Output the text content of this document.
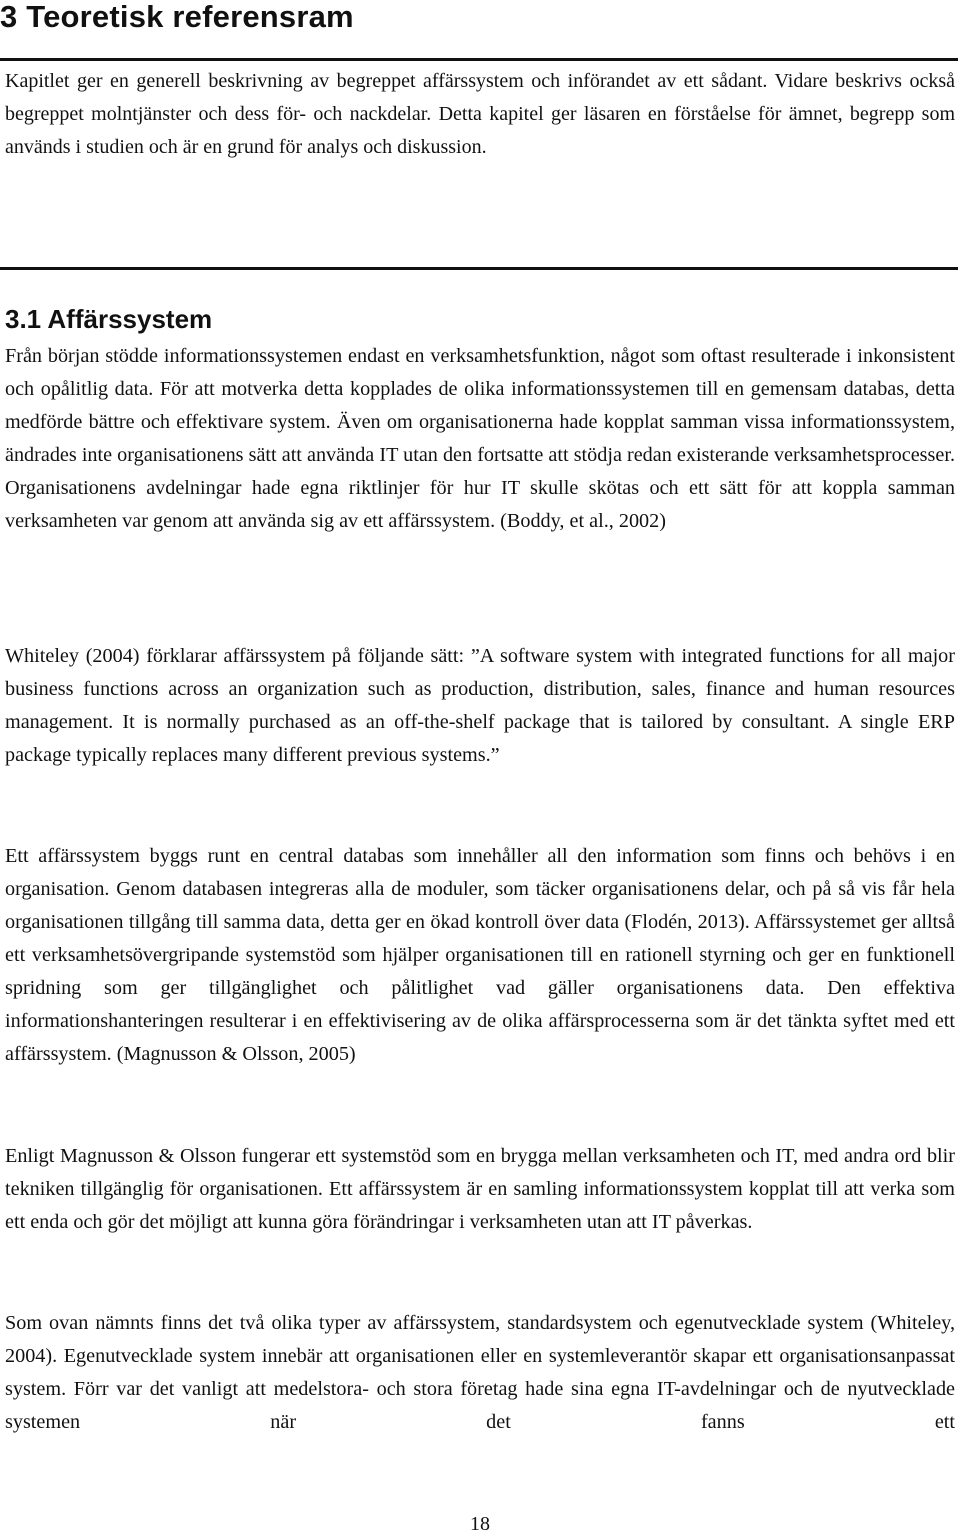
3 Teoretisk referensram

Kapitlet ger en generell beskrivning av begreppet affärssystem och införandet av ett sådant. Vidare beskrivs också begreppet molntjänster och dess för- och nackdelar. Detta kapitel ger läsaren en förståelse för ämnet, begrepp som används i studien och är en grund för analys och diskussion.

3.1 Affärssystem

Från början stödde informationssystemen endast en verksamhetsfunktion, något som oftast resulterade i inkonsistent och opålitlig data. För att motverka detta kopplades de olika informationssystemen till en gemensam databas, detta medförde bättre och effektivare system. Även om organisationerna hade kopplat samman vissa informationssystem, ändrades inte organisationens sätt att använda IT utan den fortsatte att stödja redan existerande verksamhetsprocesser. Organisationens avdelningar hade egna riktlinjer för hur IT skulle skötas och ett sätt för att koppla samman verksamheten var genom att använda sig av ett affärssystem. (Boddy, et al., 2002)

Whiteley (2004) förklarar affärssystem på följande sätt: ”A software system with integrated functions for all major business functions across an organization such as production, distribution, sales, finance and human resources management. It is normally purchased as an off-the-shelf package that is tailored by consultant. A single ERP package typically replaces many different previous systems.”

Ett affärssystem byggs runt en central databas som innehåller all den information som finns och behövs i en organisation. Genom databasen integreras alla de moduler, som täcker organisationens delar, och på så vis får hela organisationen tillgång till samma data, detta ger en ökad kontroll över data (Flodén, 2013). Affärssystemet ger alltså ett verksamhetsövergripande systemstöd som hjälper organisationen till en rationell styrning och ger en funktionell spridning som ger tillgänglighet och pålitlighet vad gäller organisationens data. Den effektiva informationshanteringen resulterar i en effektivisering av de olika affärsprocesserna som är det tänkta syftet med ett affärssystem. (Magnusson & Olsson, 2005)

Enligt Magnusson & Olsson fungerar ett systemstöd som en brygga mellan verksamheten och IT, med andra ord blir tekniken tillgänglig för organisationen. Ett affärssystem är en samling informationssystem kopplat till att verka som ett enda och gör det möjligt att kunna göra förändringar i verksamheten utan att IT påverkas.

Som ovan nämnts finns det två olika typer av affärssystem, standardsystem och egenutvecklade system (Whiteley, 2004). Egenutvecklade system innebär att organisationen eller en systemleverantör skapar ett organisationsanpassat system. Förr var det vanligt att medelstora- och stora företag hade sina egna IT-avdelningar och de nyutvecklade systemen när det fanns ett

18
